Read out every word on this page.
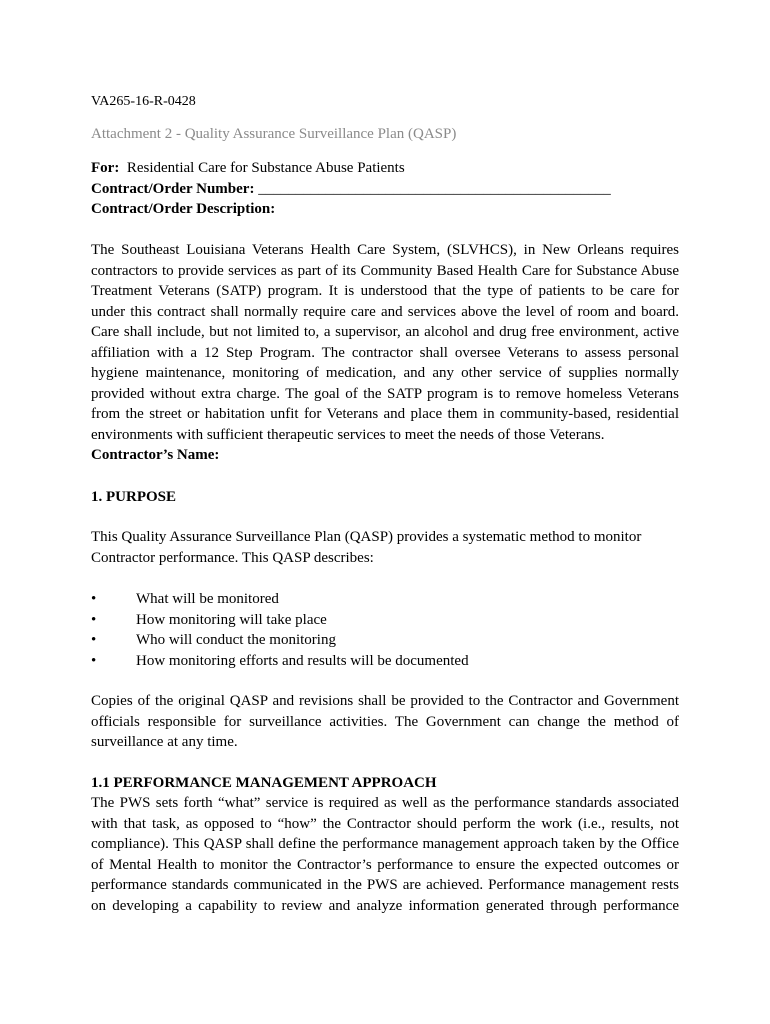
VA265-16-R-0428
Attachment 2 - Quality Assurance Surveillance Plan (QASP)
For: Residential Care for Substance Abuse Patients
Contract/Order Number: _______________________________________________
Contract/Order Description:
The Southeast Louisiana Veterans Health Care System, (SLVHCS), in New Orleans requires
contractors to provide services as part of its Community Based Health Care for Substance Abuse
Treatment Veterans (SATP) program. It is understood that the type of patients to be care for
under this contract shall normally require care and services above the level of room and board.
Care shall include, but not limited to, a supervisor, an alcohol and drug free environment, active
affiliation with a 12 Step Program. The contractor shall oversee Veterans to assess personal
hygiene maintenance, monitoring of medication, and any other service of supplies normally
provided without extra charge. The goal of the SATP program is to remove homeless Veterans
from the street or habitation unfit for Veterans and place them in community-based, residential
environments with sufficient therapeutic services to meet the needs of those Veterans.
Contractor’s Name:
1. PURPOSE
This Quality Assurance Surveillance Plan (QASP) provides a systematic method to monitor
Contractor performance. This QASP describes:
•	What will be monitored
•	How monitoring will take place
•	Who will conduct the monitoring
•	How monitoring efforts and results will be documented
Copies of the original QASP and revisions shall be provided to the Contractor and Government
officials responsible for surveillance activities. The Government can change the method of
surveillance at any time.
1.1 PERFORMANCE MANAGEMENT APPROACH
The PWS sets forth “what” service is required as well as the performance standards associated
with that task, as opposed to “how” the Contractor should perform the work (i.e., results, not
compliance). This QASP shall define the performance management approach taken by the Office
of Mental Health to monitor the Contractor’s performance to ensure the expected outcomes or
performance standards communicated in the PWS are achieved. Performance management rests
on developing a capability to review and analyze information generated through performance
